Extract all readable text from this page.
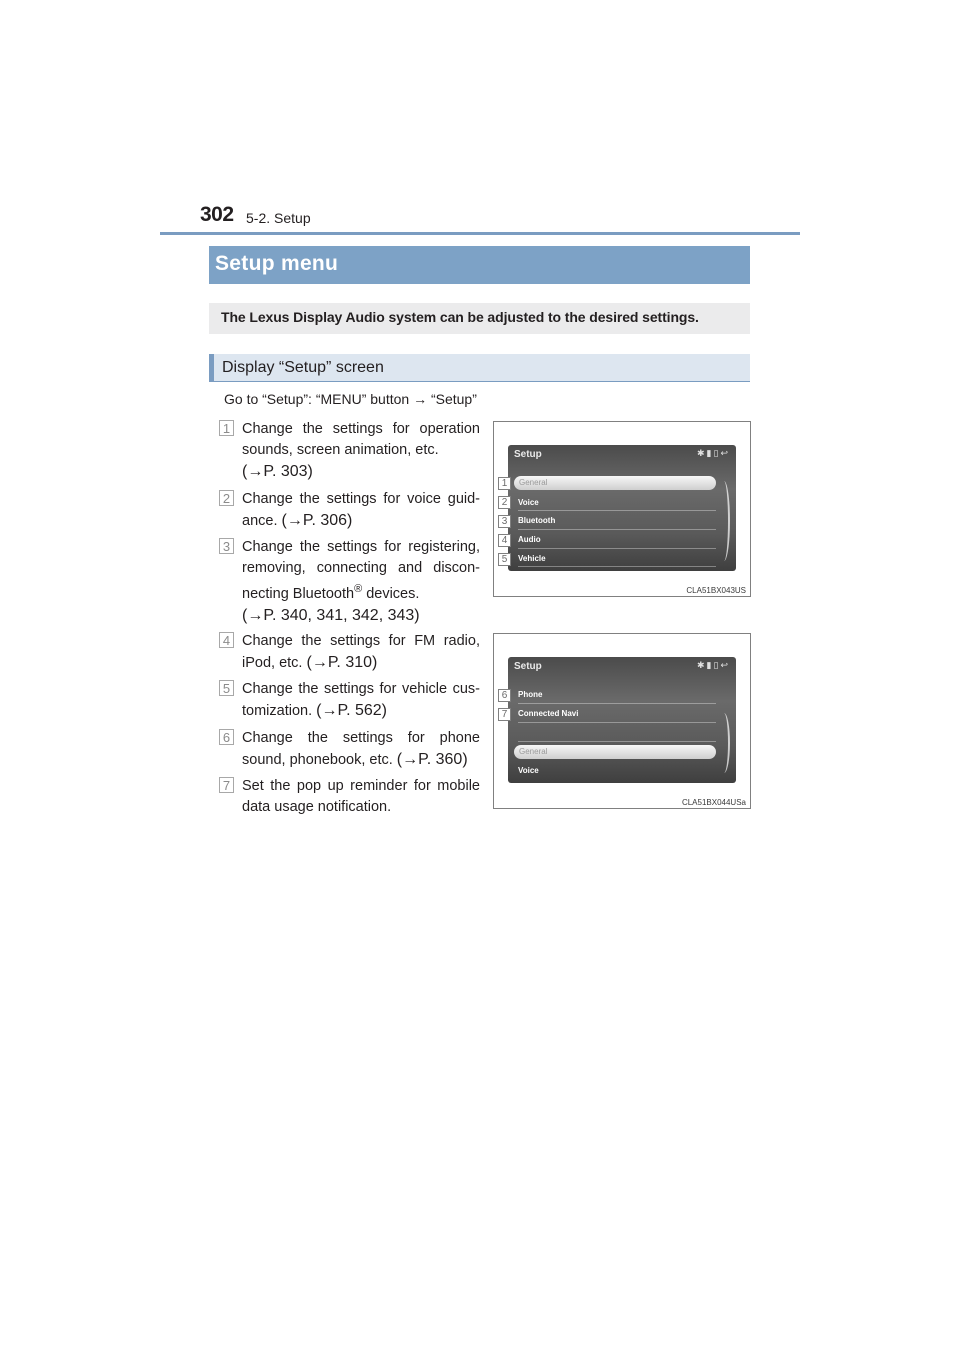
302 5-2. Setup
Setup menu
The Lexus Display Audio system can be adjusted to the desired settings.
Display “Setup” screen
Go to “Setup”: “MENU” button → “Setup”
1 Change the settings for operation sounds, screen animation, etc.
(→P. 303)
2 Change the settings for voice guid-ance. (→P. 306)
3 Change the settings for registering, removing, connecting and discon-necting Bluetooth® devices.
(→P. 340, 341, 342, 343)
4 Change the settings for FM radio, iPod, etc. (→P. 310)
5 Change the settings for vehicle cus-tomization. (→P. 562)
6 Change the settings for phone sound, phonebook, etc. (→P. 360)
7 Set the pop up reminder for mobile data usage notification.
Setup	✱▮▯↩
General
Voice
Bluetooth
Audio
Vehicle
1
2
3
4
5
CLA51BX043US
Setup	✱▮▯↩
Phone
Connected Navi
General
Voice
6
7
CLA51BX044USa
